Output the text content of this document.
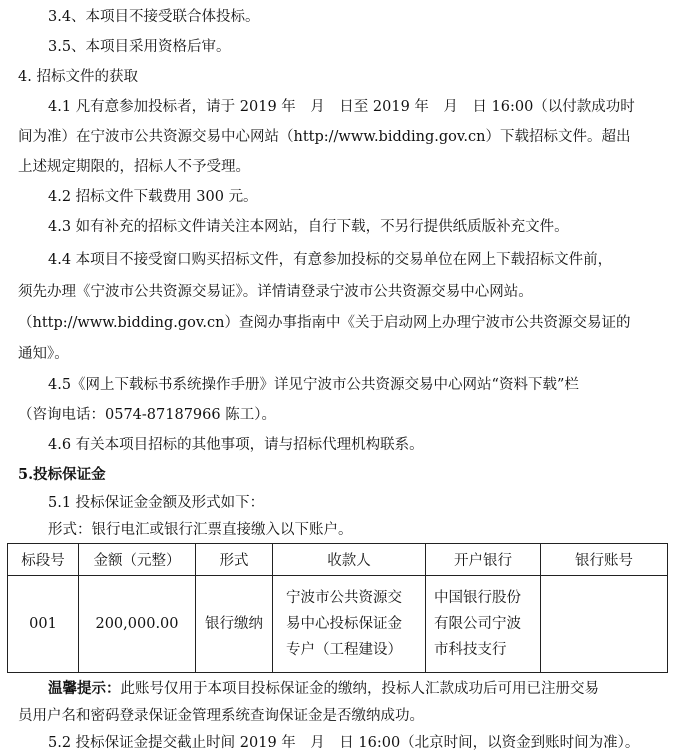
3.4、本项目不接受联合体投标。
3.5、本项目采用资格后审。
4. 招标文件的获取
4.1 凡有意参加投标者，请于 2019 年　月　日至 2019 年　月　日 16:00（以付款成功时
间为准）在宁波市公共资源交易中心网站（http://www.bidding.gov.cn）下载招标文件。超出
上述规定期限的，招标人不予受理。
4.2 招标文件下载费用 300 元。
4.3 如有补充的招标文件请关注本网站，自行下载，不另行提供纸质版补充文件。
4.4 本项目不接受窗口购买招标文件，有意参加投标的交易单位在网上下载招标文件前，
须先办理《宁波市公共资源交易证》。详情请登录宁波市公共资源交易中心网站。
（http://www.bidding.gov.cn）查阅办事指南中《关于启动网上办理宁波市公共资源交易证的
通知》。
4.5《网上下载标书系统操作手册》详见宁波市公共资源交易中心网站“资料下载”栏
（咨询电话：0574-87187966 陈工）。
4.6 有关本项目招标的其他事项，请与招标代理机构联系。
5.投标保证金
5.1 投标保证金金额及形式如下：
形式：银行电汇或银行汇票直接缴入以下账户。
标段号	金额（元整）	形式	收款人	开户银行	银行账号
001	200,000.00	银行缴纳	宁波市公共资源交易中心投标保证金专户（工程建设）	中国银行股份有限公司宁波市科技支行	
温馨提示：此账号仅用于本项目投标保证金的缴纳，投标人汇款成功后可用已注册交易
员用户名和密码登录保证金管理系统查询保证金是否缴纳成功。
5.2 投标保证金提交截止时间 2019 年　月　日 16:00（北京时间，以资金到账时间为准）。
